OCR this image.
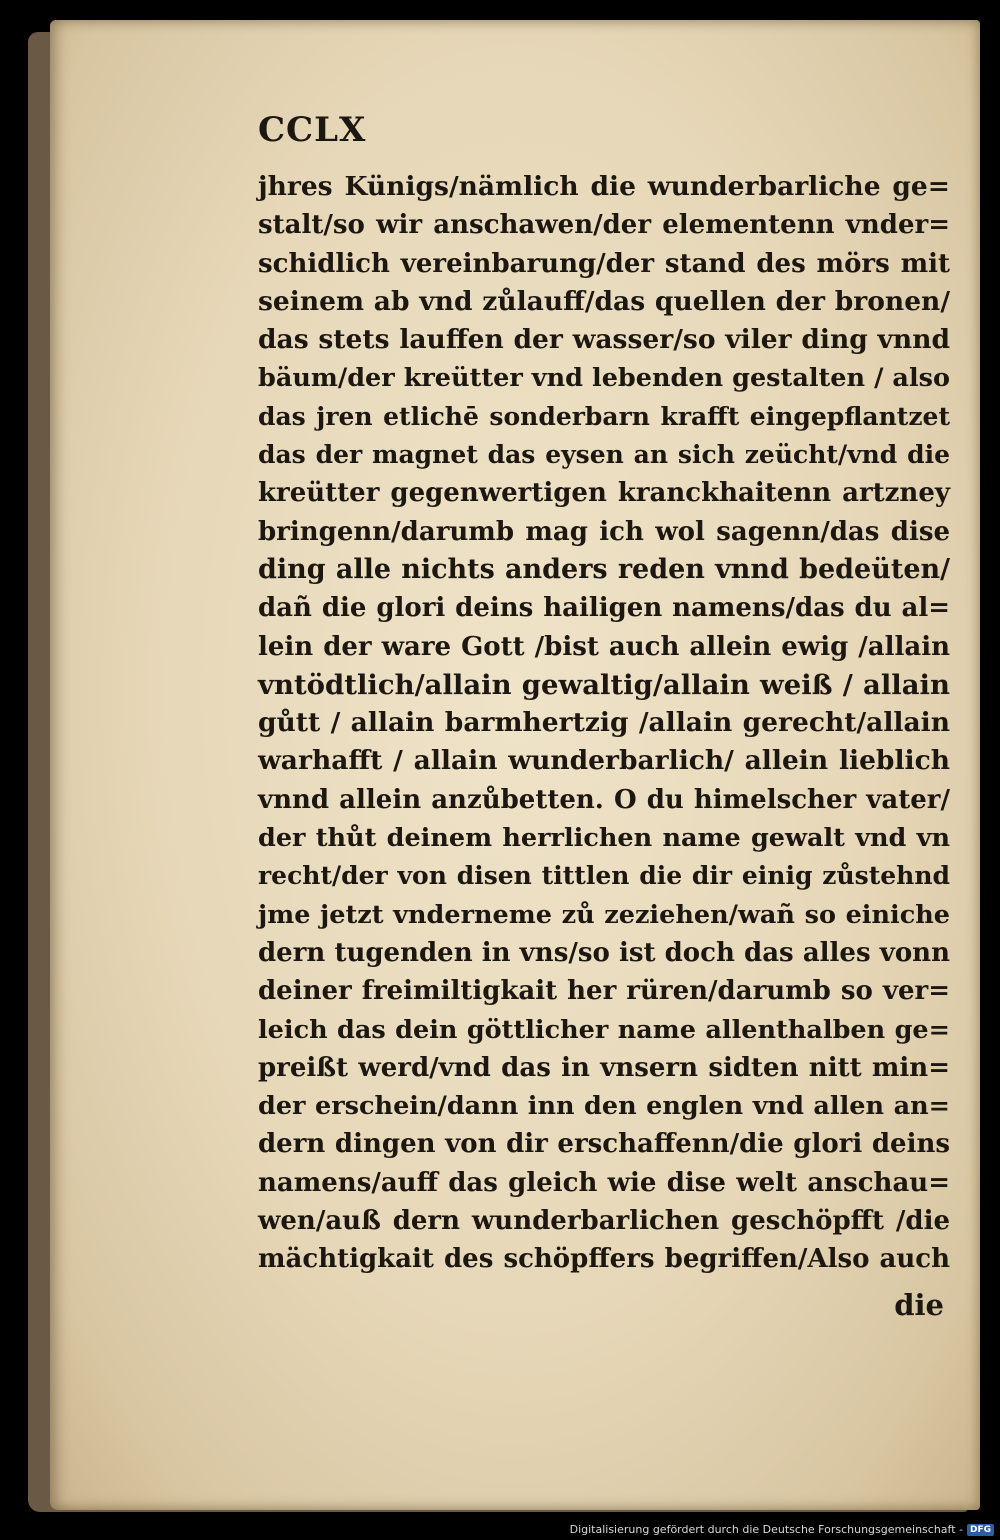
CCLX
jhres Künigs/nämlich die wunderbarliche ge=
stalt/so wir anschawen/der elementenn vnder=
schidlich vereinbarung/der stand des mörs mit
seinem ab vnd zůlauff/das quellen der bronen/
das stets lauffen der wasser/so viler ding vnnd
bäum/der kreütter vnd lebenden gestalten / also
das jren etlichē sonderbarn krafft eingepflantzet
das der magnet das eysen an sich zeücht/vnd die
kreütter gegenwertigen kranckhaitenn artzney
bringenn/darumb mag ich wol sagenn/das dise
ding alle nichts anders reden vnnd bedeüten/
dañ die glori deins hailigen namens/das du al=
lein der ware Gott /bist auch allein ewig /allain
vntödtlich/allain gewaltig/allain weiß / allain
gůtt / allain barmhertzig /allain gerecht/allain
warhafft / allain wunderbarlich/ allein lieblich
vnnd allein anzůbetten. O du himelscher vater/
der thůt deinem herrlichen name gewalt vnd vn
recht/der von disen tittlen die dir einig zůstehnd
jme jetzt vnderneme zů zeziehen/wañ so einiche
dern tugenden in vns/so ist doch das alles vonn
deiner freimiltigkait her rüren/darumb so ver=
leich das dein göttlicher name allenthalben ge=
preißt werd/vnd das in vnsern sidten nitt min=
der erschein/dann inn den englen vnd allen an=
dern dingen von dir erschaffenn/die glori deins
namens/auff das gleich wie dise welt anschau=
wen/auß dern wunderbarlichen geschöpfft /die
mächtigkait des schöpffers begriffen/Also auch
die
Digitalisierung gefördert durch die Deutsche Forschungsgemeinschaft - DFG
